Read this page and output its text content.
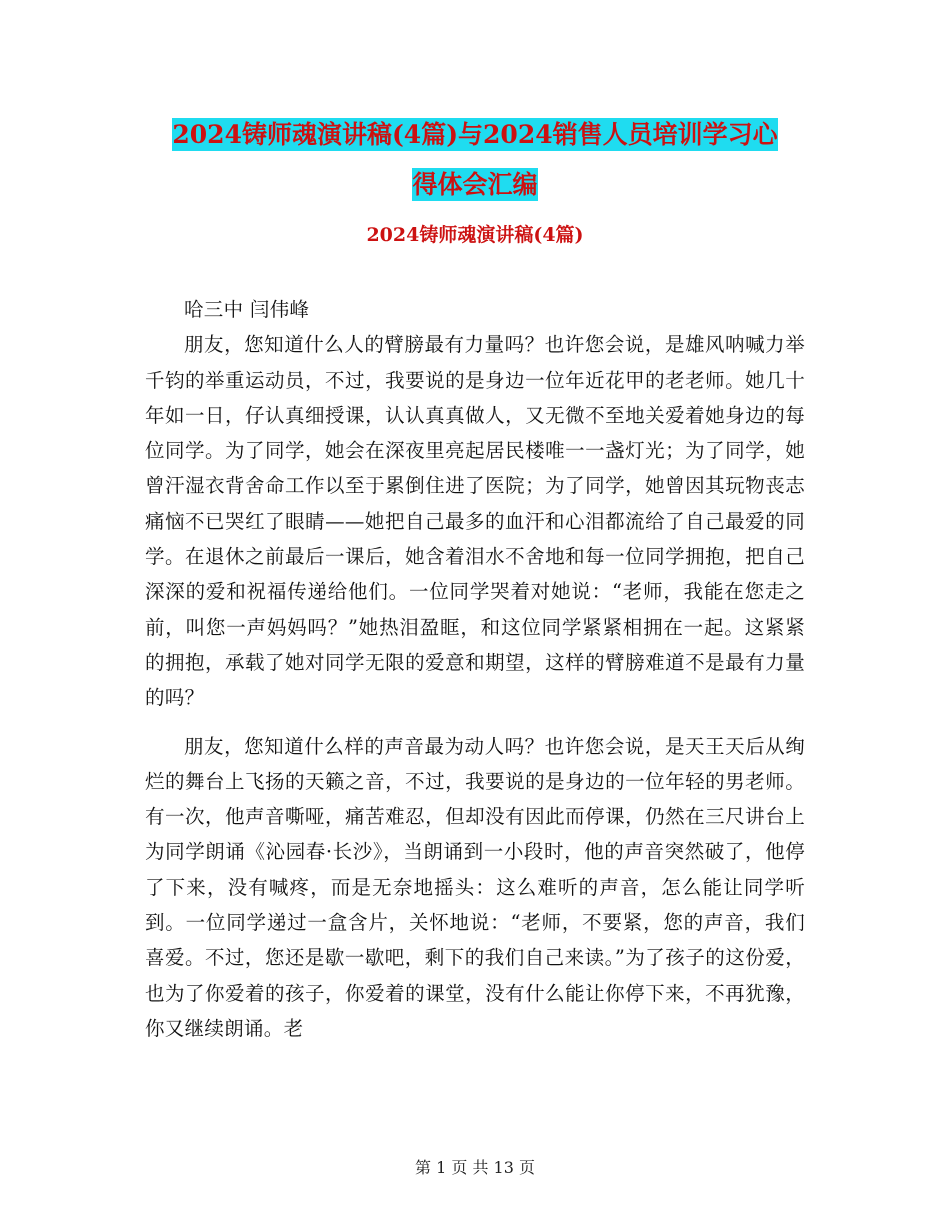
2024铸师魂演讲稿(4篇)与2024销售人员培训学习心
得体会汇编
2024铸师魂演讲稿(4篇)

哈三中 闫伟峰

朋友，您知道什么人的臂膀最有力量吗？也许您会说，是雄风呐喊力举千钧的举重运动员，不过，我要说的是身边一位年近花甲的老老师。她几十年如一日，仔认真细授课，认认真真做人，又无微不至地关爱着她身边的每位同学。为了同学，她会在深夜里亮起居民楼唯一一盏灯光；为了同学，她曾汗湿衣背舍命工作以至于累倒住进了医院；为了同学，她曾因其玩物丧志痛恼不已哭红了眼睛——她把自己最多的血汗和心泪都流给了自己最爱的同学。在退休之前最后一课后，她含着泪水不舍地和每一位同学拥抱，把自己深深的爱和祝福传递给他们。一位同学哭着对她说：“老师，我能在您走之前，叫您一声妈妈吗？”她热泪盈眶，和这位同学紧紧相拥在一起。这紧紧的拥抱，承载了她对同学无限的爱意和期望，这样的臂膀难道不是最有力量的吗？

朋友，您知道什么样的声音最为动人吗？也许您会说，是天王天后从绚烂的舞台上飞扬的天籁之音，不过，我要说的是身边的一位年轻的男老师。有一次，他声音嘶哑，痛苦难忍，但却没有因此而停课，仍然在三尺讲台上为同学朗诵《沁园春·长沙》，当朗诵到一小段时，他的声音突然破了，他停了下来，没有喊疼，而是无奈地摇头：这么难听的声音，怎么能让同学听到。一位同学递过一盒含片，关怀地说：“老师，不要紧，您的声音，我们喜爱。不过，您还是歇一歇吧，剩下的我们自己来读。”为了孩子的这份爱，也为了你爱着的孩子，你爱着的课堂，没有什么能让你停下来，不再犹豫，你又继续朗诵。老

第 1 页 共 13 页
